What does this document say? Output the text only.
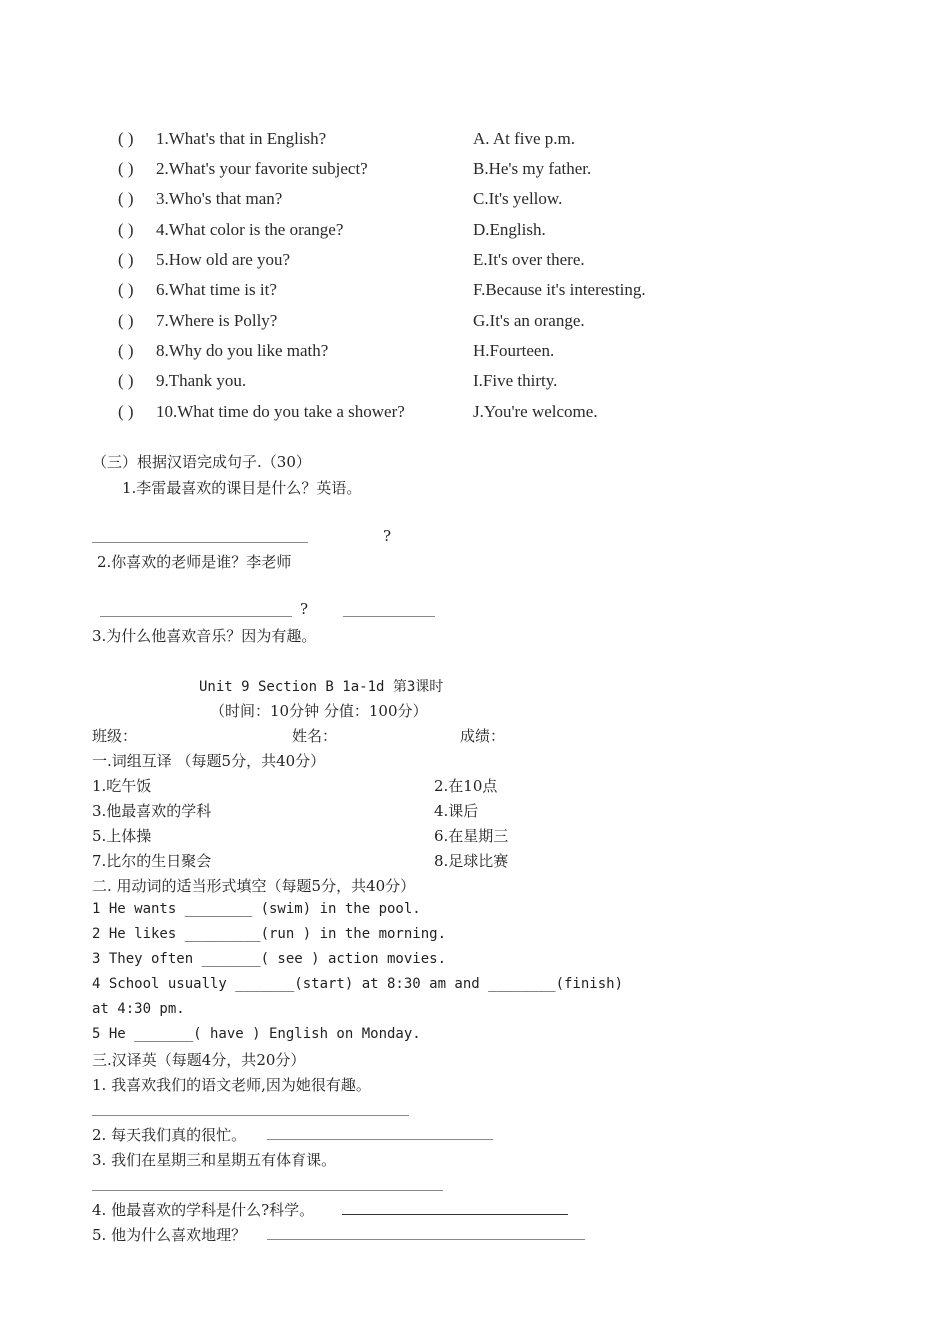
( ) 1.What's that in English?	A. At five p.m.
( ) 2.What's your favorite subject?	B.He's my father.
( ) 3.Who's that man?	C.It's yellow.
( ) 4.What color is the orange?	D.English.
( ) 5.How old are you?	E.It's over there.
( ) 6.What time is it?	F.Because it's interesting.
( ) 7.Where is Polly?	G.It's an orange.
( ) 8.Why do you like math?	H.Fourteen.
( ) 9.Thank you.	I.Five thirty.
( ) 10.What time do you take a shower?	J.You're welcome.
（三）根据汉语完成句子.（30）
1.李雷最喜欢的课目是什么？英语。
?
2.你喜欢的老师是谁？李老师
?
3.为什么他喜欢音乐？因为有趣。
Unit 9 Section B 1a-1d 第3课时
（时间：10分钟 分值：100分）
班级：	姓名：	成绩：
一.词组互译 （每题5分，共40分）
1.吃午饭	2.在10点
3.他最喜欢的学科	4.课后
5.上体操	6.在星期三
7.比尔的生日聚会	8.足球比赛
二. 用动词的适当形式填空（每题5分，共40分）
1 He wants ________ (swim) in the pool.
2 He likes _________(run ) in the morning.
3 They often _______( see ) action movies.
4 School usually _______(start) at 8:30 am and ________(finish)
at 4:30 pm.
5 He _______( have ) English on Monday.
三.汉译英（每题4分，共20分）
1. 我喜欢我们的语文老师,因为她很有趣。
2. 每天我们真的很忙。
3. 我们在星期三和星期五有体育课。
4. 他最喜欢的学科是什么?科学。
5. 他为什么喜欢地理？
